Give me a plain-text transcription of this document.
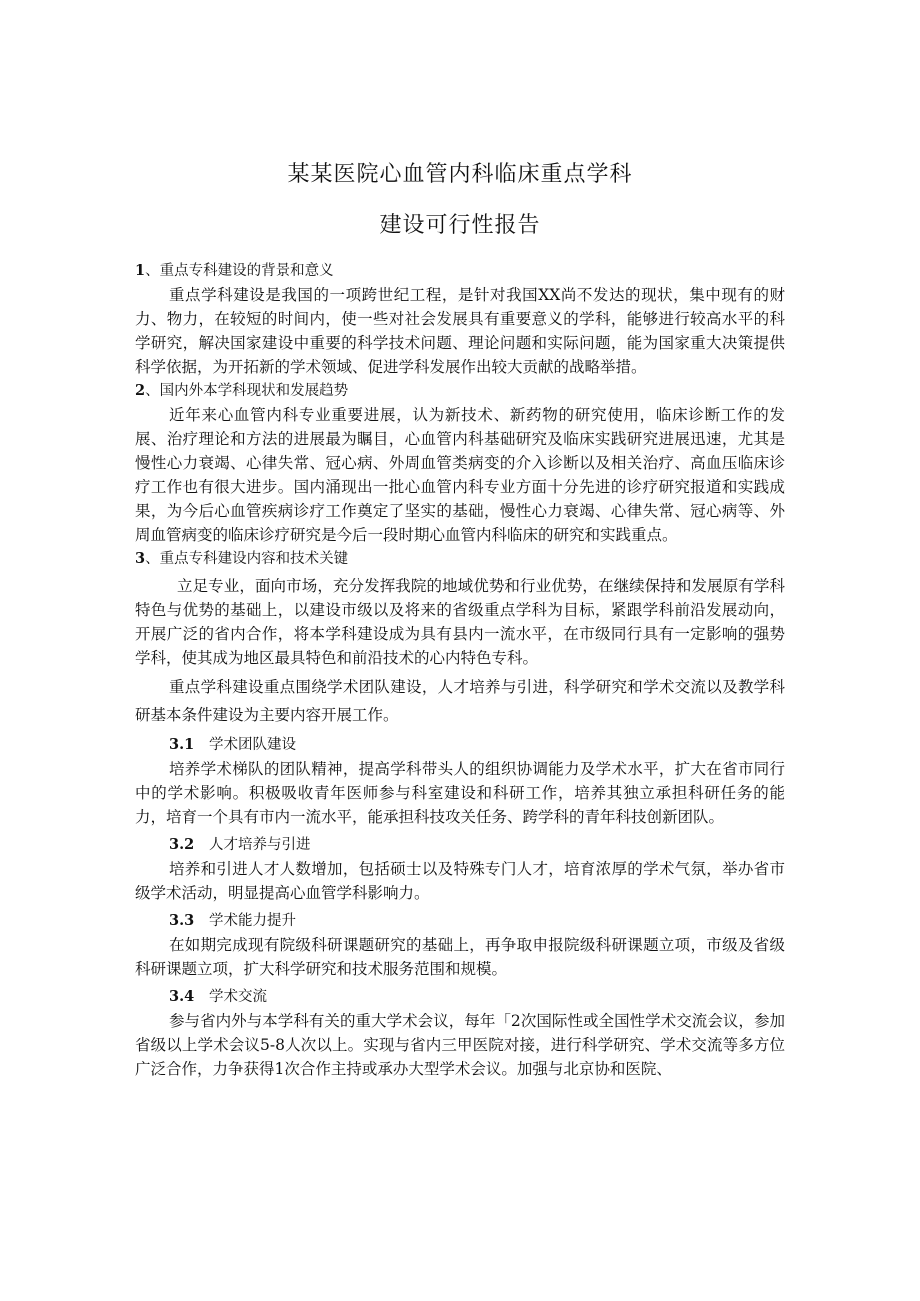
某某医院心血管内科临床重点学科
建设可行性报告
1、重点专科建设的背景和意义
重点学科建设是我国的一项跨世纪工程，是针对我国XX尚不发达的现状，集中现有的财力、物力，在较短的时间内，使一些对社会发展具有重要意义的学科，能够进行较高水平的科学研究，解决国家建设中重要的科学技术问题、理论问题和实际问题，能为国家重大决策提供科学依据，为开拓新的学术领域、促进学科发展作出较大贡献的战略举措。
2、国内外本学科现状和发展趋势
近年来心血管内科专业重要进展，认为新技术、新药物的研究使用，临床诊断工作的发展、治疗理论和方法的进展最为瞩目，心血管内科基础研究及临床实践研究进展迅速，尤其是慢性心力衰竭、心律失常、冠心病、外周血管类病变的介入诊断以及相关治疗、高血压临床诊疗工作也有很大进步。国内涌现出一批心血管内科专业方面十分先进的诊疗研究报道和实践成果，为今后心血管疾病诊疗工作奠定了坚实的基础，慢性心力衰竭、心律失常、冠心病等、外周血管病变的临床诊疗研究是今后一段时期心血管内科临床的研究和实践重点。
3、重点专科建设内容和技术关键
立足专业，面向市场，充分发挥我院的地域优势和行业优势，在继续保持和发展原有学科特色与优势的基础上，以建设市级以及将来的省级重点学科为目标，紧跟学科前沿发展动向，开展广泛的省内合作，将本学科建设成为具有县内一流水平，在市级同行具有一定影响的强势学科，使其成为地区最具特色和前沿技术的心内特色专科。
重点学科建设重点围绕学术团队建设，人才培养与引进，科学研究和学术交流以及教学科研基本条件建设为主要内容开展工作。
3.1 学术团队建设
培养学术梯队的团队精神，提高学科带头人的组织协调能力及学术水平，扩大在省市同行中的学术影响。积极吸收青年医师参与科室建设和科研工作，培养其独立承担科研任务的能力，培育一个具有市内一流水平，能承担科技攻关任务、跨学科的青年科技创新团队。
3.2 人才培养与引进
培养和引进人才人数增加，包括硕士以及特殊专门人才，培育浓厚的学术气氛，举办省市级学术活动，明显提高心血管学科影响力。
3.3 学术能力提升
在如期完成现有院级科研课题研究的基础上，再争取申报院级科研课题立项，市级及省级科研课题立项，扩大科学研究和技术服务范围和规模。
3.4 学术交流
参与省内外与本学科有关的重大学术会议，每年「2次国际性或全国性学术交流会议，参加省级以上学术会议5-8人次以上。实现与省内三甲医院对接，进行科学研究、学术交流等多方位广泛合作，力争获得1次合作主持或承办大型学术会议。加强与北京协和医院、
